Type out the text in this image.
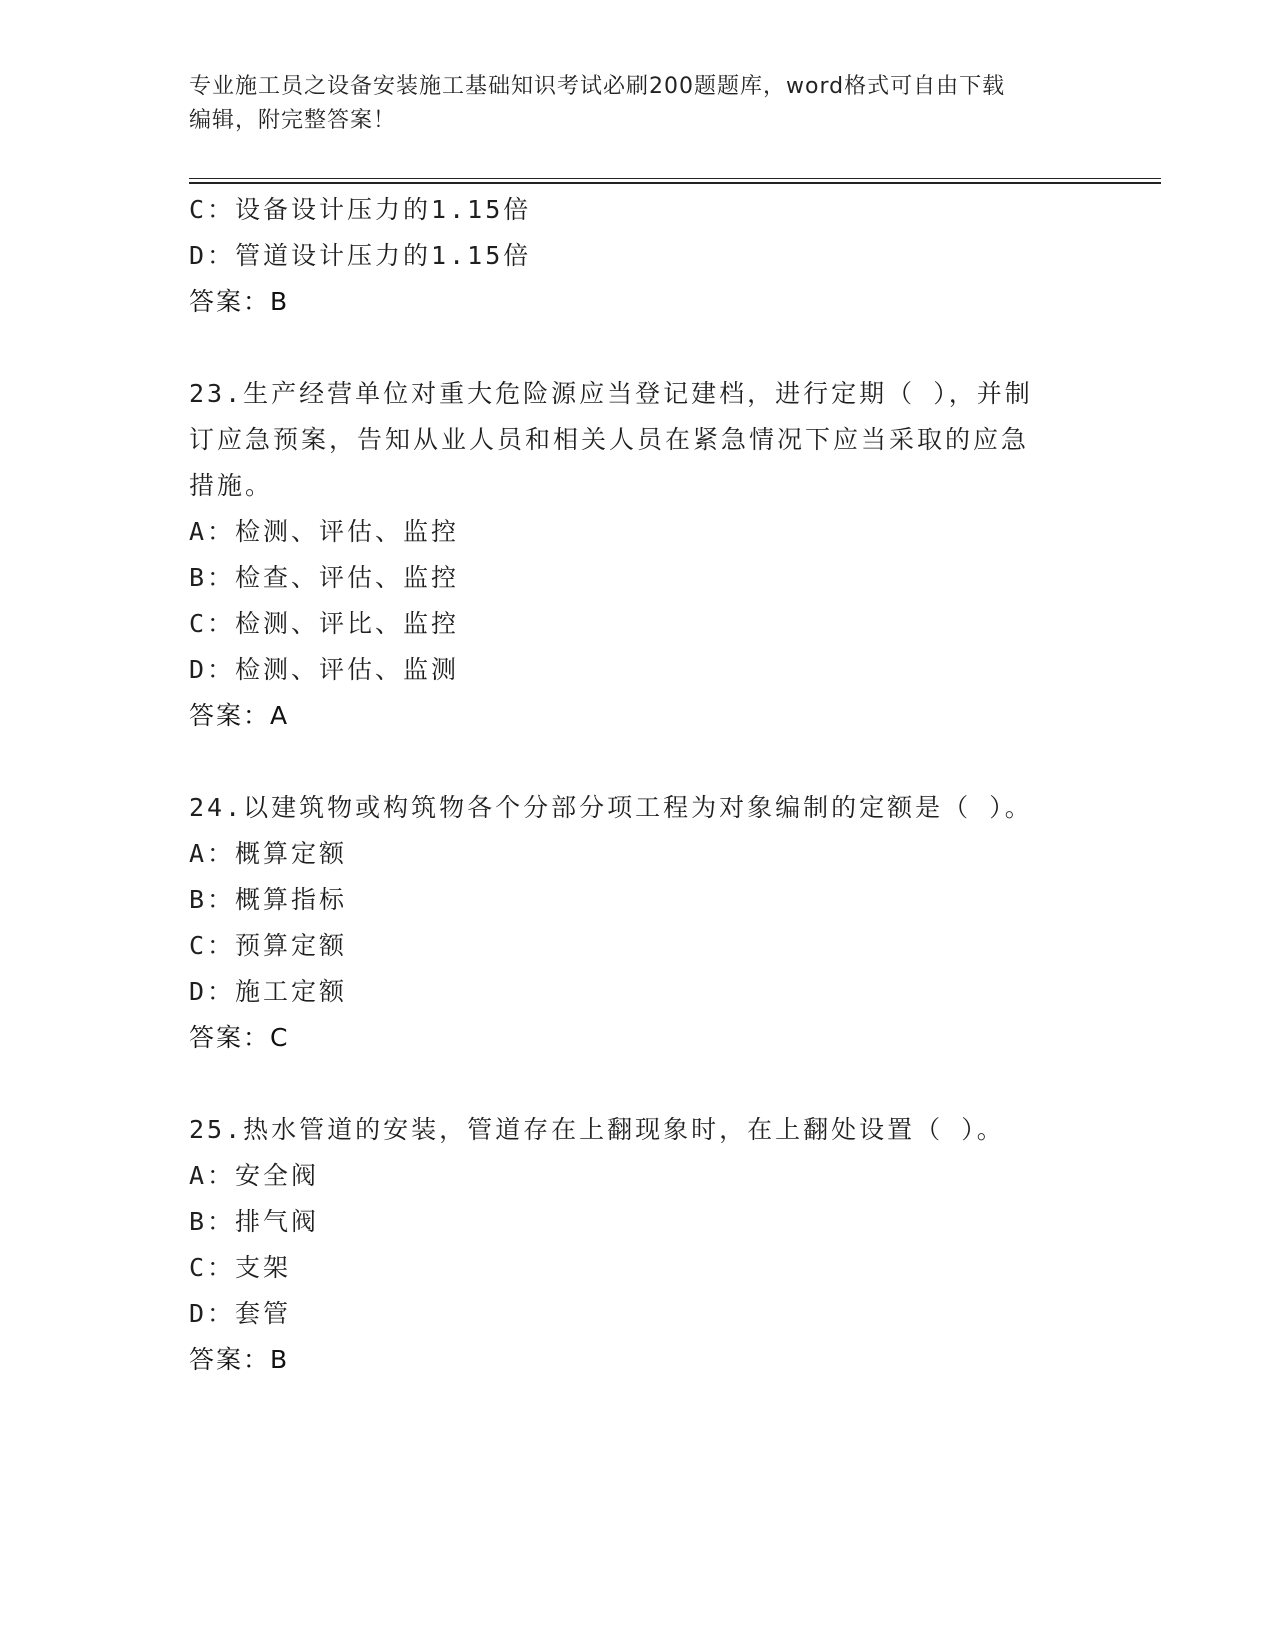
专业施工员之设备安装施工基础知识考试必刷200题题库，word格式可自由下载
编辑，附完整答案！
C：设备设计压力的1.15倍
D：管道设计压力的1.15倍
答案：B
23.生产经营单位对重大危险源应当登记建档，进行定期（ ），并制
订应急预案，告知从业人员和相关人员在紧急情况下应当采取的应急
措施。
A：检测、评估、监控
B：检查、评估、监控
C：检测、评比、监控
D：检测、评估、监测
答案：A
24.以建筑物或构筑物各个分部分项工程为对象编制的定额是（ ）。
A：概算定额
B：概算指标
C：预算定额
D：施工定额
答案：C
25.热水管道的安装，管道存在上翻现象时，在上翻处设置（ ）。
A：安全阀
B：排气阀
C：支架
D：套管
答案：B
